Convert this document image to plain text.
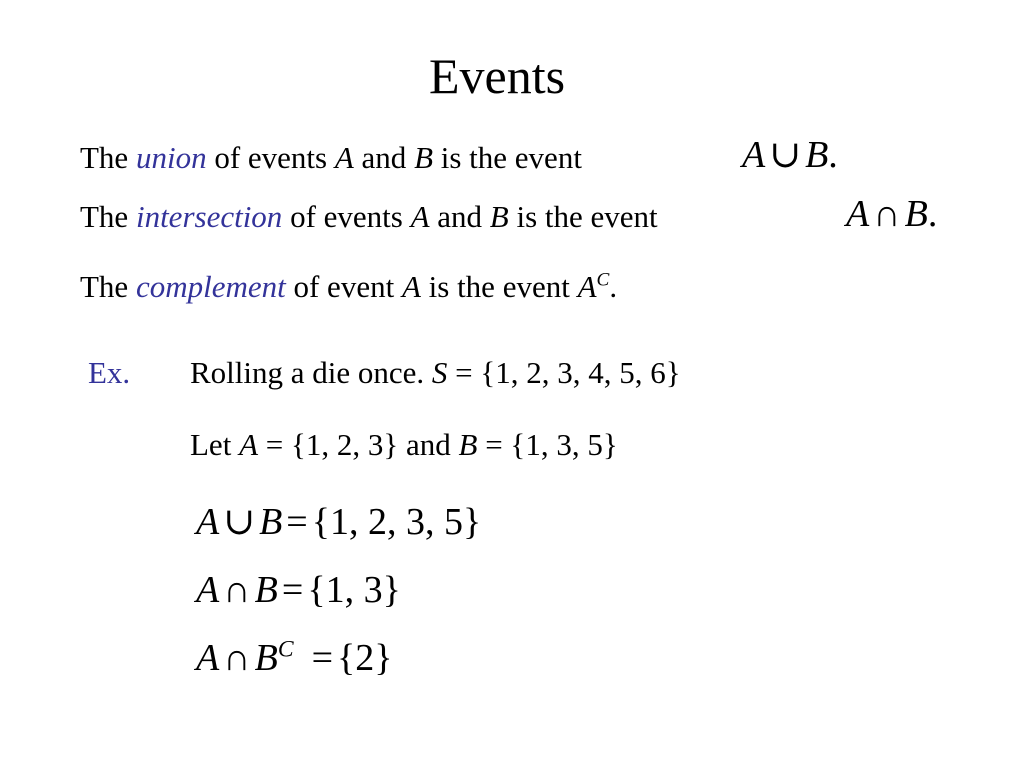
Events
The union of events A and B is the event	A ∪ B.
The intersection of events A and B is the event	A ∩ B.
The complement of event A is the event $A^C$.
Ex. Rolling a die once. S = {1, 2, 3, 4, 5, 6}
Let A = {1, 2, 3} and B = {1, 3, 5}
A ∪ B = {1, 2, 3, 5}
A ∩ B = {1, 3}
A ∩ $B^C = \{2\}$
